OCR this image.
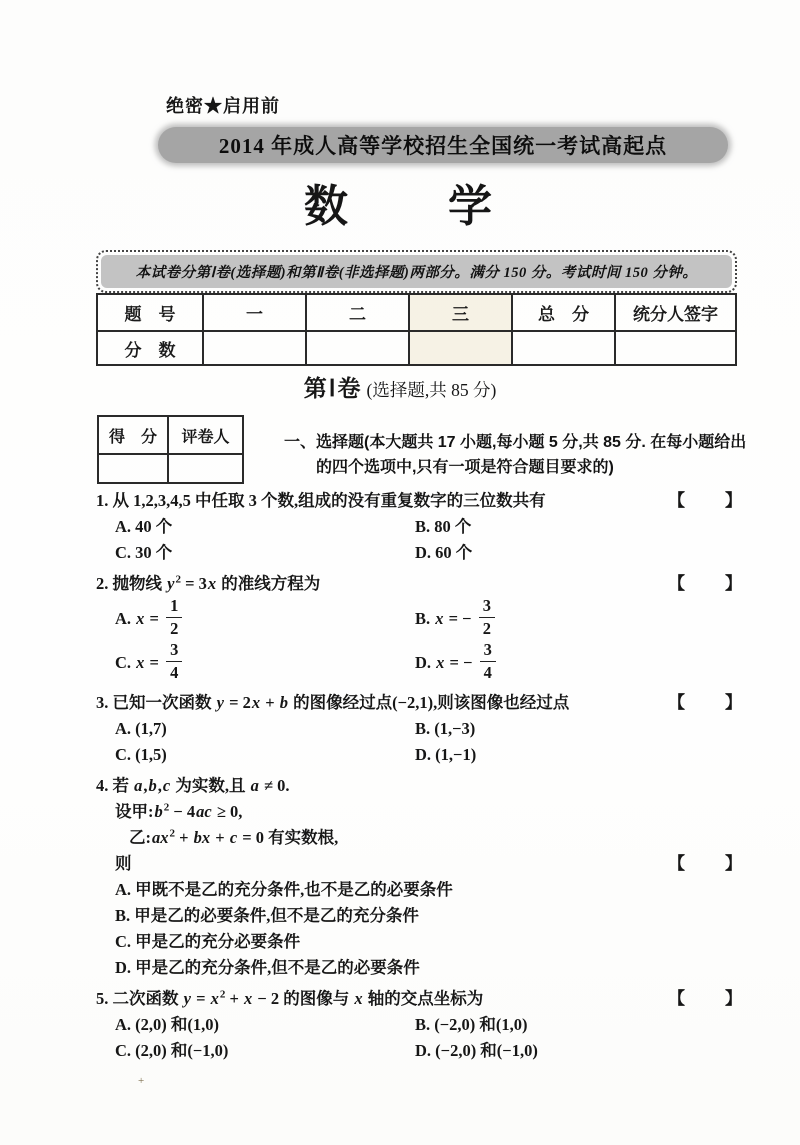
绝密★启用前
2014 年成人高等学校招生全国统一考试高起点
数　　学
本试卷分第Ⅰ卷(选择题)和第Ⅱ卷(非选择题)两部分。满分 150 分。考试时间 150 分钟。
题　号	一	二	三	总　分	统分人签字
分　数					
第Ⅰ卷 (选择题,共 85 分)
得　分	评卷人
		一、选择题(本大题共 17 小题,每小题 5 分,共 85 分. 在每小题给出的四个选项中,只有一项是符合题目要求的)
1. 从 1,2,3,4,5 中任取 3 个数,组成的没有重复数字的三位数共有	【　　】
A. 40 个	B. 80 个
C. 30 个	D. 60 个
2. 抛物线 $y^2 = 3x$ 的准线方程为	【　　】
A. $x = \frac{1}{2}$	B. x = − $\frac{3}{2}$
C. $x = \frac{3}{4}$	D. x = − $\frac{3}{4}$
3. 已知一次函数 y = 2x + b 的图像经过点(−2,1),则该图像也经过点	【　　】
A. (1,7)	B. (1,−3)
C. (1,5)	D. (1,−1)
4. 若 a,b,c 为实数,且 a ≠ 0.
设甲$:b^2 - 4ac \ge 0$,
乙$:ax^2$ + bx + c = 0 有实数根,
则	【　　】
A. 甲既不是乙的充分条件,也不是乙的必要条件
B. 甲是乙的必要条件,但不是乙的充分条件
C. 甲是乙的充分必要条件
D. 甲是乙的充分条件,但不是乙的必要条件
5. 二次函数 $y = x^2 + x - 2$ 的图像与 x 轴的交点坐标为	【　　】
A. (2,0) 和(1,0)	B. (−2,0) 和(1,0)
C. (2,0) 和(−1,0)	D. (−2,0) 和(−1,0)
+
